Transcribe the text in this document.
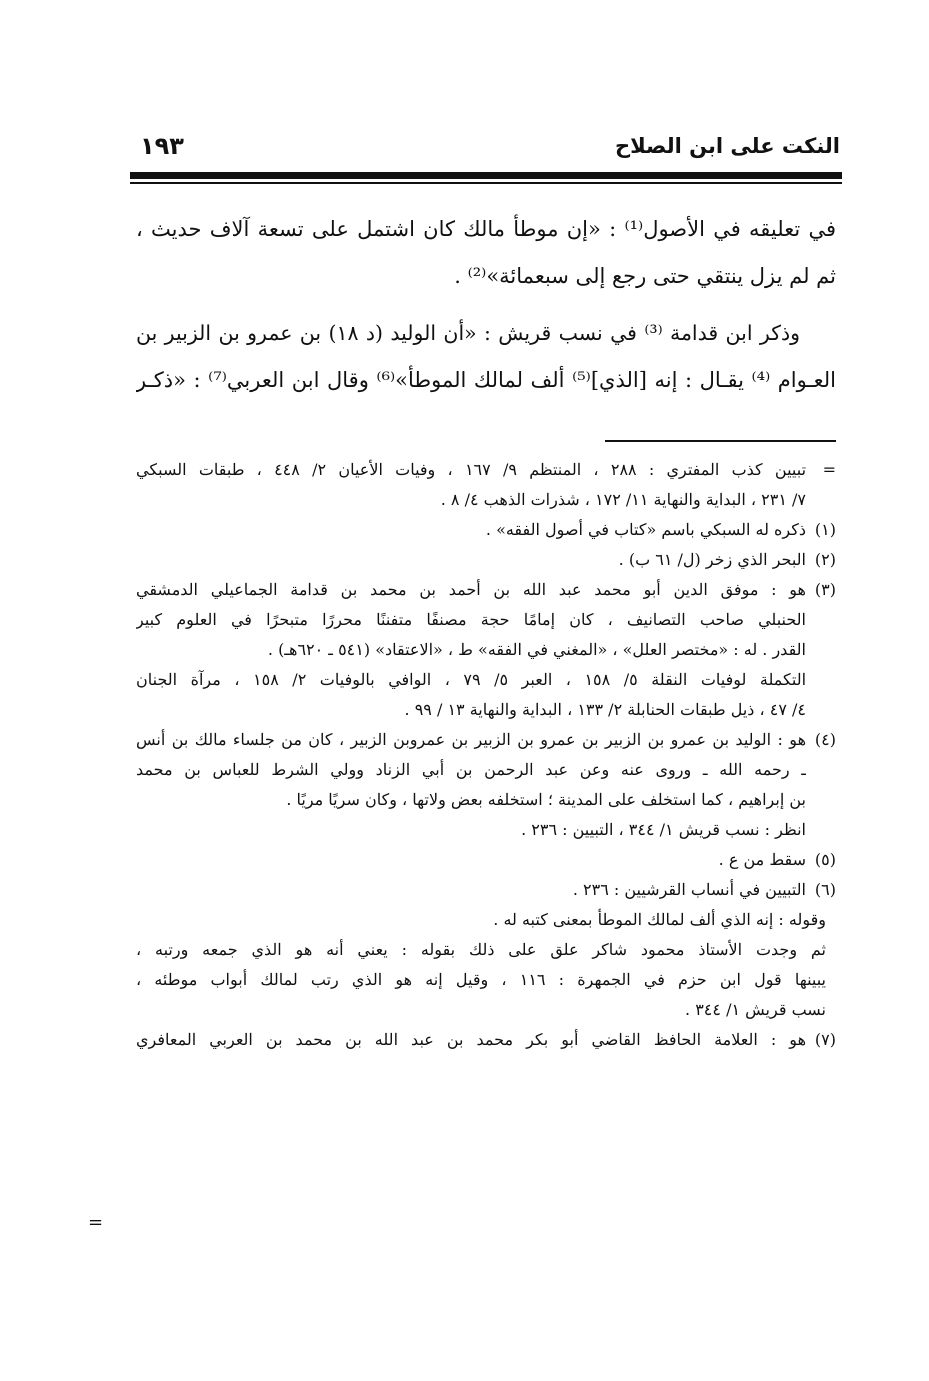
النكت على ابن الصلاح
١٩٣
في تعليقه في الأصول⁽¹⁾ : «إن موطأ مالك كان اشتمل على تسعة آلاف حديث ،
ثم لم يزل ينتقي حتى رجع إلى سبعمائة»⁽²⁾ .
وذكر ابن قدامة ⁽³⁾ في نسب قريش : «أن الوليد (د ١٨) بن عمرو بن الزبير بن
العـوام ⁽⁴⁾ يقـال : إنه [الذي]⁽⁵⁾ ألف لمالك الموطأ»⁽⁶⁾ وقال ابن العربي⁽⁷⁾ : «ذكـر
=
تبيين كذب المفتري : ٢٨٨ ، المنتظم ٩/ ١٦٧ ، وفيات الأعيان ٢/ ٤٤٨ ، طبقات السبكي
٧/ ٢٣١ ، البداية والنهاية ١١/ ١٧٢ ، شذرات الذهب ٤/ ٨ .
(١)
ذكره له السبكي باسم «كتاب في أصول الفقه» .
(٢)
البحر الذي زخر (ل/ ٦١ ب) .
(٣)
هو : موفق الدين أبو محمد عبد الله بن أحمد بن محمد بن قدامة الجماعيلي الدمشقي
الحنبلي صاحب التصانيف ، كان إمامًا حجة مصنفًا متفننًا محررًا متبحرًا في العلوم كبير
القدر . له : «مختصر العلل» ، «المغني في الفقه» ط ، «الاعتقاد» (٥٤١ ـ ٦٢٠هـ) .
التكملة لوفيات النقلة ٥/ ١٥٨ ، العبر ٥/ ٧٩ ، الوافي بالوفيات ٢/ ١٥٨ ، مرآة الجنان
٤/ ٤٧ ، ذيل طبقات الحنابلة ٢/ ١٣٣ ، البداية والنهاية ١٣ / ٩٩ .
(٤)
هو : الوليد بن عمرو بن الزبير بن عمرو بن الزبير بن عمروبن الزبير ، كان من جلساء مالك بن أنس
ـ رحمه الله ـ وروى عنه وعن عبد الرحمن بن أبي الزناد وولي الشرط للعباس بن محمد
بن إبراهيم ، كما استخلف على المدينة ؛ استخلفه بعض ولاتها ، وكان سريًا مريًا .
انظر : نسب قريش ١/ ٣٤٤ ، التبيين : ٢٣٦ .
(٥)
سقط من ع .
(٦)
التبيين في أنساب القرشيين : ٢٣٦ .
وقوله : إنه الذي ألف لمالك الموطأ بمعنى كتبه له .
ثم وجدت الأستاذ محمود شاكر علق على ذلك بقوله : يعني أنه هو الذي جمعه ورتبه ،
يبينها قول ابن حزم في الجمهرة : ١١٦ ، وقيل إنه هو الذي رتب لمالك أبواب موطئه ،
نسب قريش ١/ ٣٤٤ .
(٧)
هو : العلامة الحافظ القاضي أبو بكر محمد بن عبد الله بن محمد بن العربي المعافري
=
